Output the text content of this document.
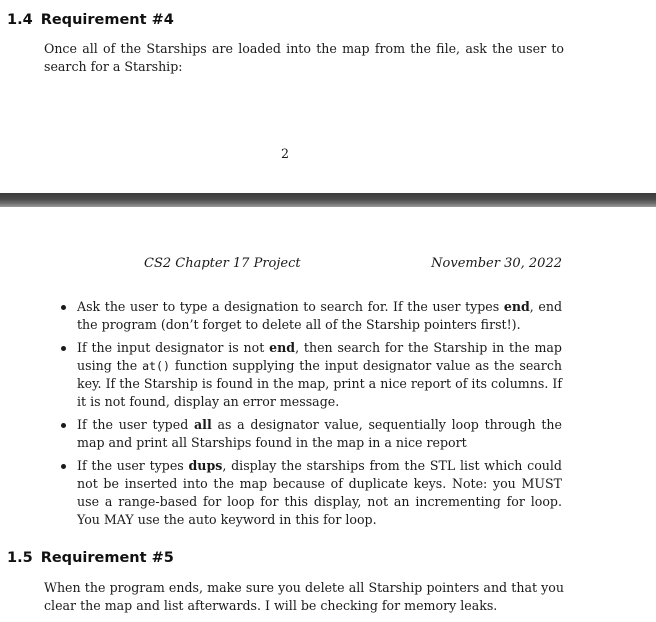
1.4 Requirement #4
Once all of the Starships are loaded into the map from the file, ask the user to search for a Starship:
2
CS2 Chapter 17 Project	November 30, 2022
Ask the user to type a designation to search for. If the user types end, end the program (don’t forget to delete all of the Starship pointers first!).
If the input designator is not end, then search for the Starship in the map using the at() function supplying the input designator value as the search key. If the Starship is found in the map, print a nice report of its columns. If it is not found, display an error message.
If the user typed all as a designator value, sequentially loop through the map and print all Starships found in the map in a nice report
If the user types dups, display the starships from the STL list which could not be inserted into the map because of duplicate keys. Note: you MUST use a range-based for loop for this display, not an incrementing for loop. You MAY use the auto keyword in this for loop.
1.5 Requirement #5
When the program ends, make sure you delete all Starship pointers and that you clear the map and list afterwards. I will be checking for memory leaks.
